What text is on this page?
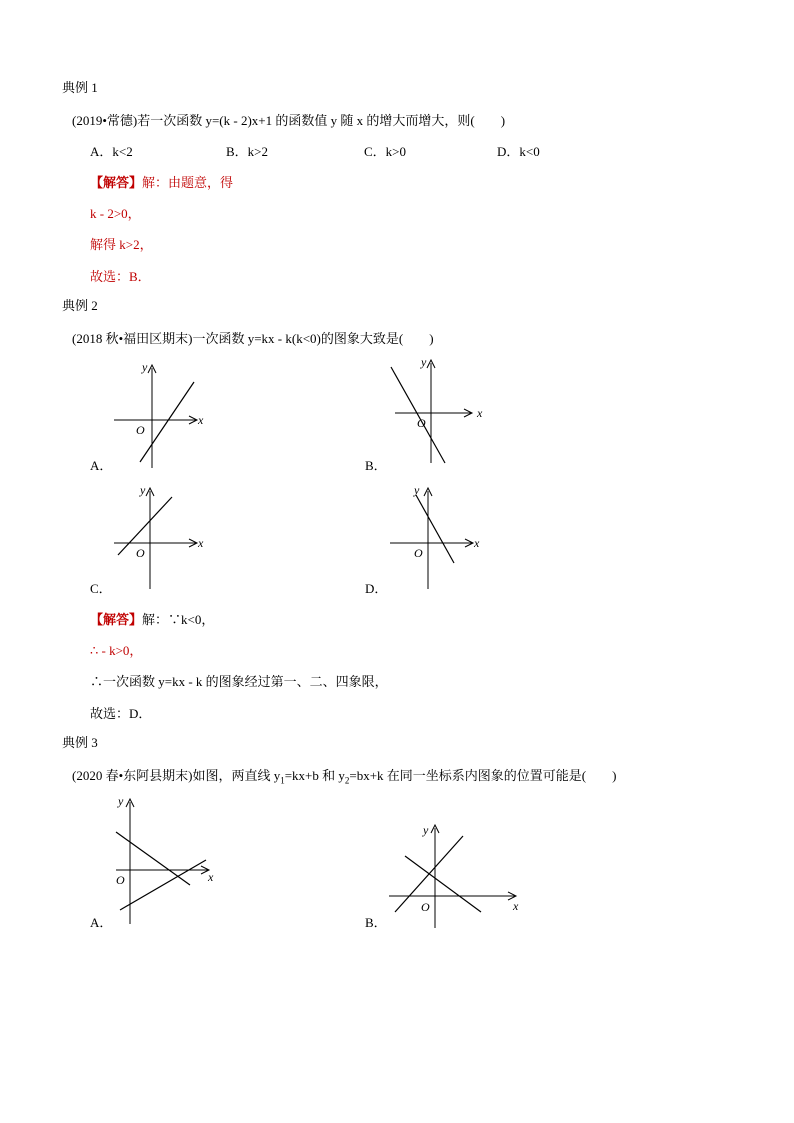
典例 1
(2019•常德)若一次函数 y=(k - 2)x+1 的函数值 y 随 x 的增大而增大，则(　　)
A．k<2	B．k>2	C．k>0	D．k<0
【解答】解：由题意，得
k - 2>0，
解得 k>2，
故选：B．
典例 2
(2018 秋•福田区期末)一次函数 y=kx - k(k<0)的图象大致是(　　)
y
x
O
A．
y
x
O
B．
y
x
O
C．
y
x
O
D．
【解答】解：∵k<0，
∴ - k>0，
∴一次函数 y=kx - k 的图象经过第一、二、四象限，
故选：D．
典例 3
(2020 春•东阿县期末)如图，两直线 $y_1=kx+b$ 和 $y_2=bx+k$ 在同一坐标系内图象的位置可能是(　　)
y
x
O
A．
y
x
O
B．
